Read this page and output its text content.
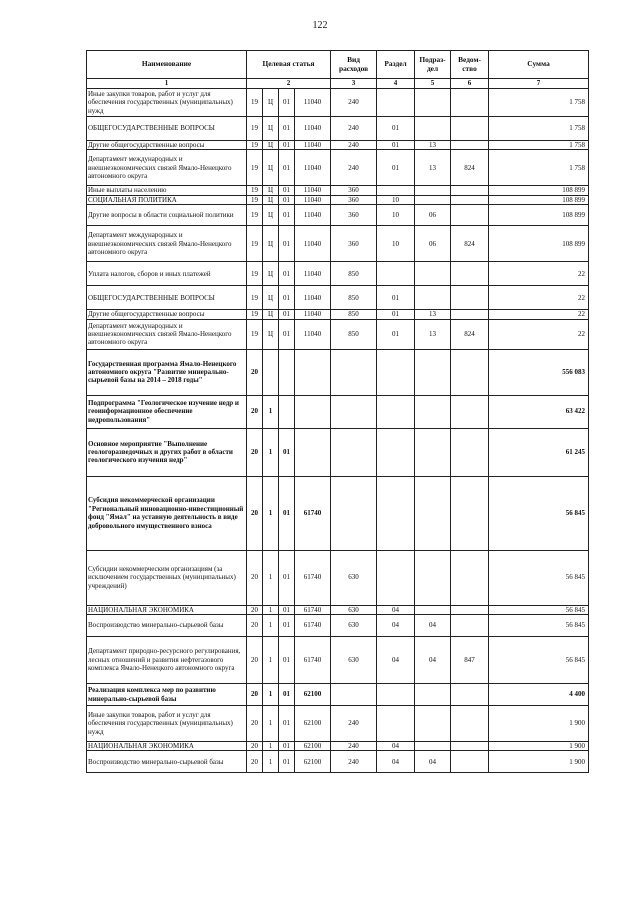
122
Наименование	Целевая статья				Вид расходов	Раздел	Подраз-дел	Ведом-ство	Сумма
1	2				3	4	5	6	7
Иные закупки товаров, работ и услуг для обеспечения государственных (муниципальных) нужд	19	Ц	01	11040	240				1 758
ОБЩЕГОСУДАРСТВЕННЫЕ ВОПРОСЫ	19	Ц	01	11040	240	01			1 758
Другие общегосударственные вопросы	19	Ц	01	11040	240	01	13		1 758
Департамент международных и внешнеэкономических связей Ямало-Ненецкого автономного округа	19	Ц	01	11040	240	01	13	824	1 758
Иные выплаты населению	19	Ц	01	11040	360				108 899
СОЦИАЛЬНАЯ ПОЛИТИКА	19	Ц	01	11040	360	10			108 899
Другие вопросы в области социальной политики	19	Ц	01	11040	360	10	06		108 899
Департамент международных и внешнеэкономических связей Ямало-Ненецкого автономного округа	19	Ц	01	11040	360	10	06	824	108 899
Уплата налогов, сборов и иных платежей	19	Ц	01	11040	850				22
ОБЩЕГОСУДАРСТВЕННЫЕ ВОПРОСЫ	19	Ц	01	11040	850	01			22
Другие общегосударственные вопросы	19	Ц	01	11040	850	01	13		22
Департамент международных и внешнеэкономических связей Ямало-Ненецкого автономного округа	19	Ц	01	11040	850	01	13	824	22
Государственная программа Ямало-Ненецкого автономного округа "Развитие минерально-сырьевой базы на 2014 – 2018 годы"	20								556 083
Подпрограмма "Геологическое изучение недр и геоинформационное обеспечение недропользования"	20	1							63 422
Основное мероприятие "Выполнение геологоразведочных и других работ в области геологического изучения недр"	20	1	01						61 245
Субсидия некоммерческой организации "Региональный инновационно-инвестиционный фонд "Ямал" на уставную деятельность в виде добровольного имущественного взноса	20	1	01	61740					56 845
Субсидии некоммерческим организациям (за исключением государственных (муниципальных) учреждений)	20	1	01	61740	630				56 845
НАЦИОНАЛЬНАЯ ЭКОНОМИКА	20	1	01	61740	630	04			56 845
Воспроизводство минерально-сырьевой базы	20	1	01	61740	630	04	04		56 845
Департамент природно-ресурсного регулирования, лесных отношений и развития нефтегазового комплекса Ямало-Ненецкого автономного округа	20	1	01	61740	630	04	04	847	56 845
Реализация комплекса мер по развитию минерально-сырьевой базы	20	1	01	62100					4 400
Иные закупки товаров, работ и услуг для обеспечения государственных (муниципальных) нужд	20	1	01	62100	240				1 900
НАЦИОНАЛЬНАЯ ЭКОНОМИКА	20	1	01	62100	240	04			1 900
Воспроизводство минерально-сырьевой базы	20	1	01	62100	240	04	04		1 900
